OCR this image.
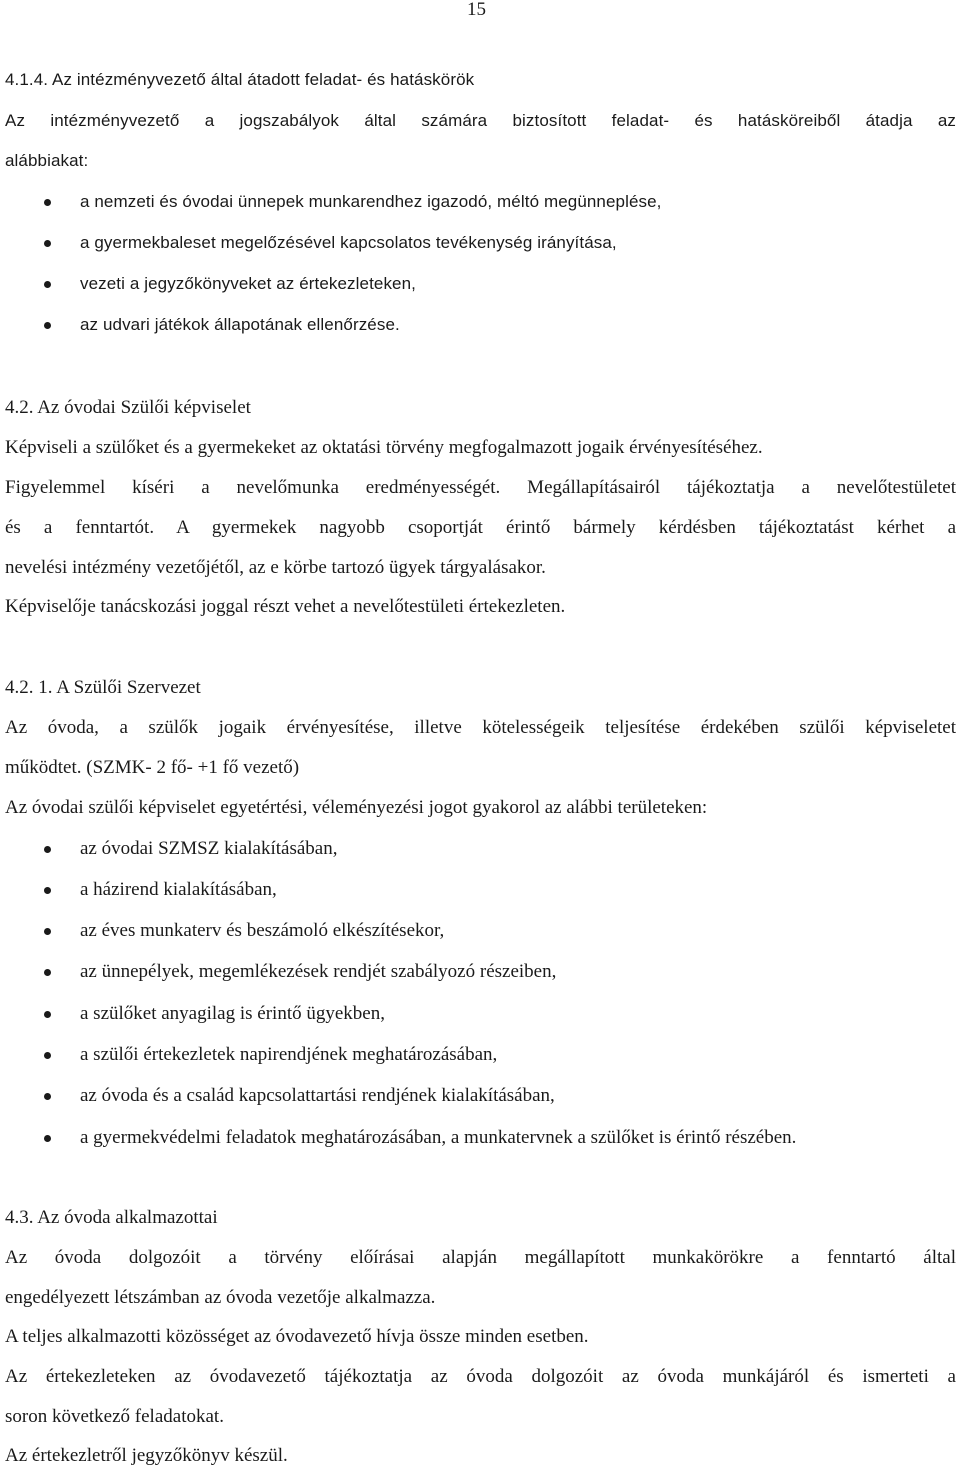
15
4.1.4. Az intézményvezető által átadott feladat- és hatáskörök
Az intézményvezető a jogszabályok által számára biztosított feladat- és hatásköreiből átadja az
alábbiakat:
a nemzeti és óvodai ünnepek munkarendhez igazodó, méltó megünneplése,
a gyermekbaleset megelőzésével kapcsolatos tevékenység irányítása,
vezeti a jegyzőkönyveket az értekezleteken,
az udvari játékok állapotának ellenőrzése.
4.2. Az óvodai Szülői képviselet
Képviseli a szülőket és a gyermekeket az oktatási törvény megfogalmazott jogaik érvényesítéséhez.
Figyelemmel kíséri a nevelőmunka eredményességét. Megállapításairól tájékoztatja a nevelőtestületet
és a fenntartót. A gyermekek nagyobb csoportját érintő bármely kérdésben tájékoztatást kérhet a
nevelési intézmény vezetőjétől, az e körbe tartozó ügyek tárgyalásakor.
Képviselője tanácskozási joggal részt vehet a nevelőtestületi értekezleten.
4.2. 1. A Szülői Szervezet
Az óvoda, a szülők jogaik érvényesítése, illetve kötelességeik teljesítése érdekében szülői képviseletet
működtet. (SZMK- 2 fő- +1 fő vezető)
Az óvodai szülői képviselet egyetértési, véleményezési jogot gyakorol az alábbi területeken:
az óvodai SZMSZ kialakításában,
a házirend kialakításában,
az éves munkaterv és beszámoló elkészítésekor,
az ünnepélyek, megemlékezések rendjét szabályozó részeiben,
a szülőket anyagilag is érintő ügyekben,
a szülői értekezletek napirendjének meghatározásában,
az óvoda és a család kapcsolattartási rendjének kialakításában,
a gyermekvédelmi feladatok meghatározásában, a munkatervnek a szülőket is érintő részében.
4.3. Az óvoda alkalmazottai
Az óvoda dolgozóit a törvény előírásai alapján megállapított munkakörökre a fenntartó által
engedélyezett létszámban az óvoda vezetője alkalmazza.
A teljes alkalmazotti közösséget az óvodavezető hívja össze minden esetben.
Az értekezleteken az óvodavezető tájékoztatja az óvoda dolgozóit az óvoda munkájáról és ismerteti a
soron következő feladatokat.
Az értekezletről jegyzőkönyv készül.
